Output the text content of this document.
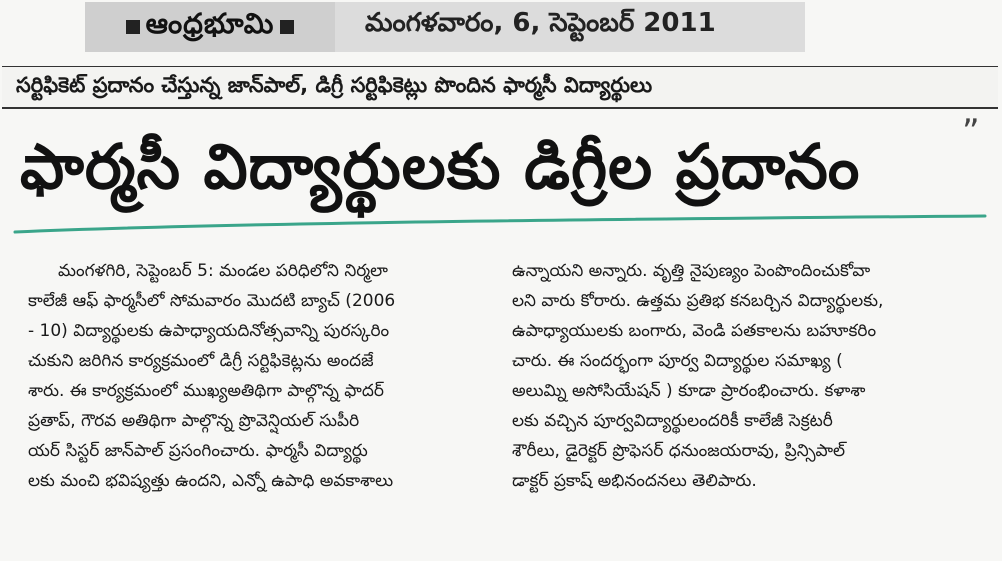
ఆంధ్రభూమి	మంగళవారం, 6, సెప్టెంబర్ 2011
సర్టిఫికెట్ ప్రదానం చేస్తున్న జాన్‌పాల్, డిగ్రీ సర్టిఫికెట్లు పొందిన ఫార్మసీ విద్యార్థులు
ఫార్మసీ విద్యార్థులకు డిగ్రీల ప్రదానం	”

మంగళగిరి, సెప్టెంబర్ 5: మండల పరిధిలోని నిర్మలా

కాలేజీ ఆఫ్ ఫార్మసీలో సోమవారం మొదటి బ్యాచ్ (2006

- 10) విద్యార్థులకు ఉపాధ్యాయదినోత్సవాన్ని పురస్కరిం

చుకుని జరిగిన కార్యక్రమంలో డిగ్రీ సర్టిఫికెట్లను అందజే

శారు. ఈ కార్యక్రమంలో ముఖ్యఅతిథిగా పాల్గొన్న ఫాదర్

ప్రతాప్, గౌరవ అతిథిగా పాల్గొన్న ప్రొవెన్షియల్ సుపీరి

యర్ సిస్టర్ జాన్‌పాల్ ప్రసంగించారు. ఫార్మసీ విద్యార్థు

లకు మంచి భవిష్యత్తు ఉందని, ఎన్నో ఉపాధి అవకాశాలు

ఉన్నాయని అన్నారు. వృత్తి నైపుణ్యం పెంపొందించుకోవా

లని వారు కోరారు. ఉత్తమ ప్రతిభ కనబర్చిన విద్యార్థులకు,

ఉపాధ్యాయులకు బంగారు, వెండి పతకాలను బహూకరిం

చారు. ఈ సందర్భంగా పూర్వ విద్యార్థుల సమాఖ్య (

అలుమ్ని అసోసియేషన్ ) కూడా ప్రారంభించారు. కళాశా

లకు వచ్చిన పూర్వవిద్యార్థులందరికీ కాలేజీ సెక్రటరీ

శౌరీలు, డైరెక్టర్ ప్రొఫెసర్ ధనుంజయరావు, ప్రిన్సిపాల్

డాక్టర్ ప్రకాష్ అభినందనలు తెలిపారు.
